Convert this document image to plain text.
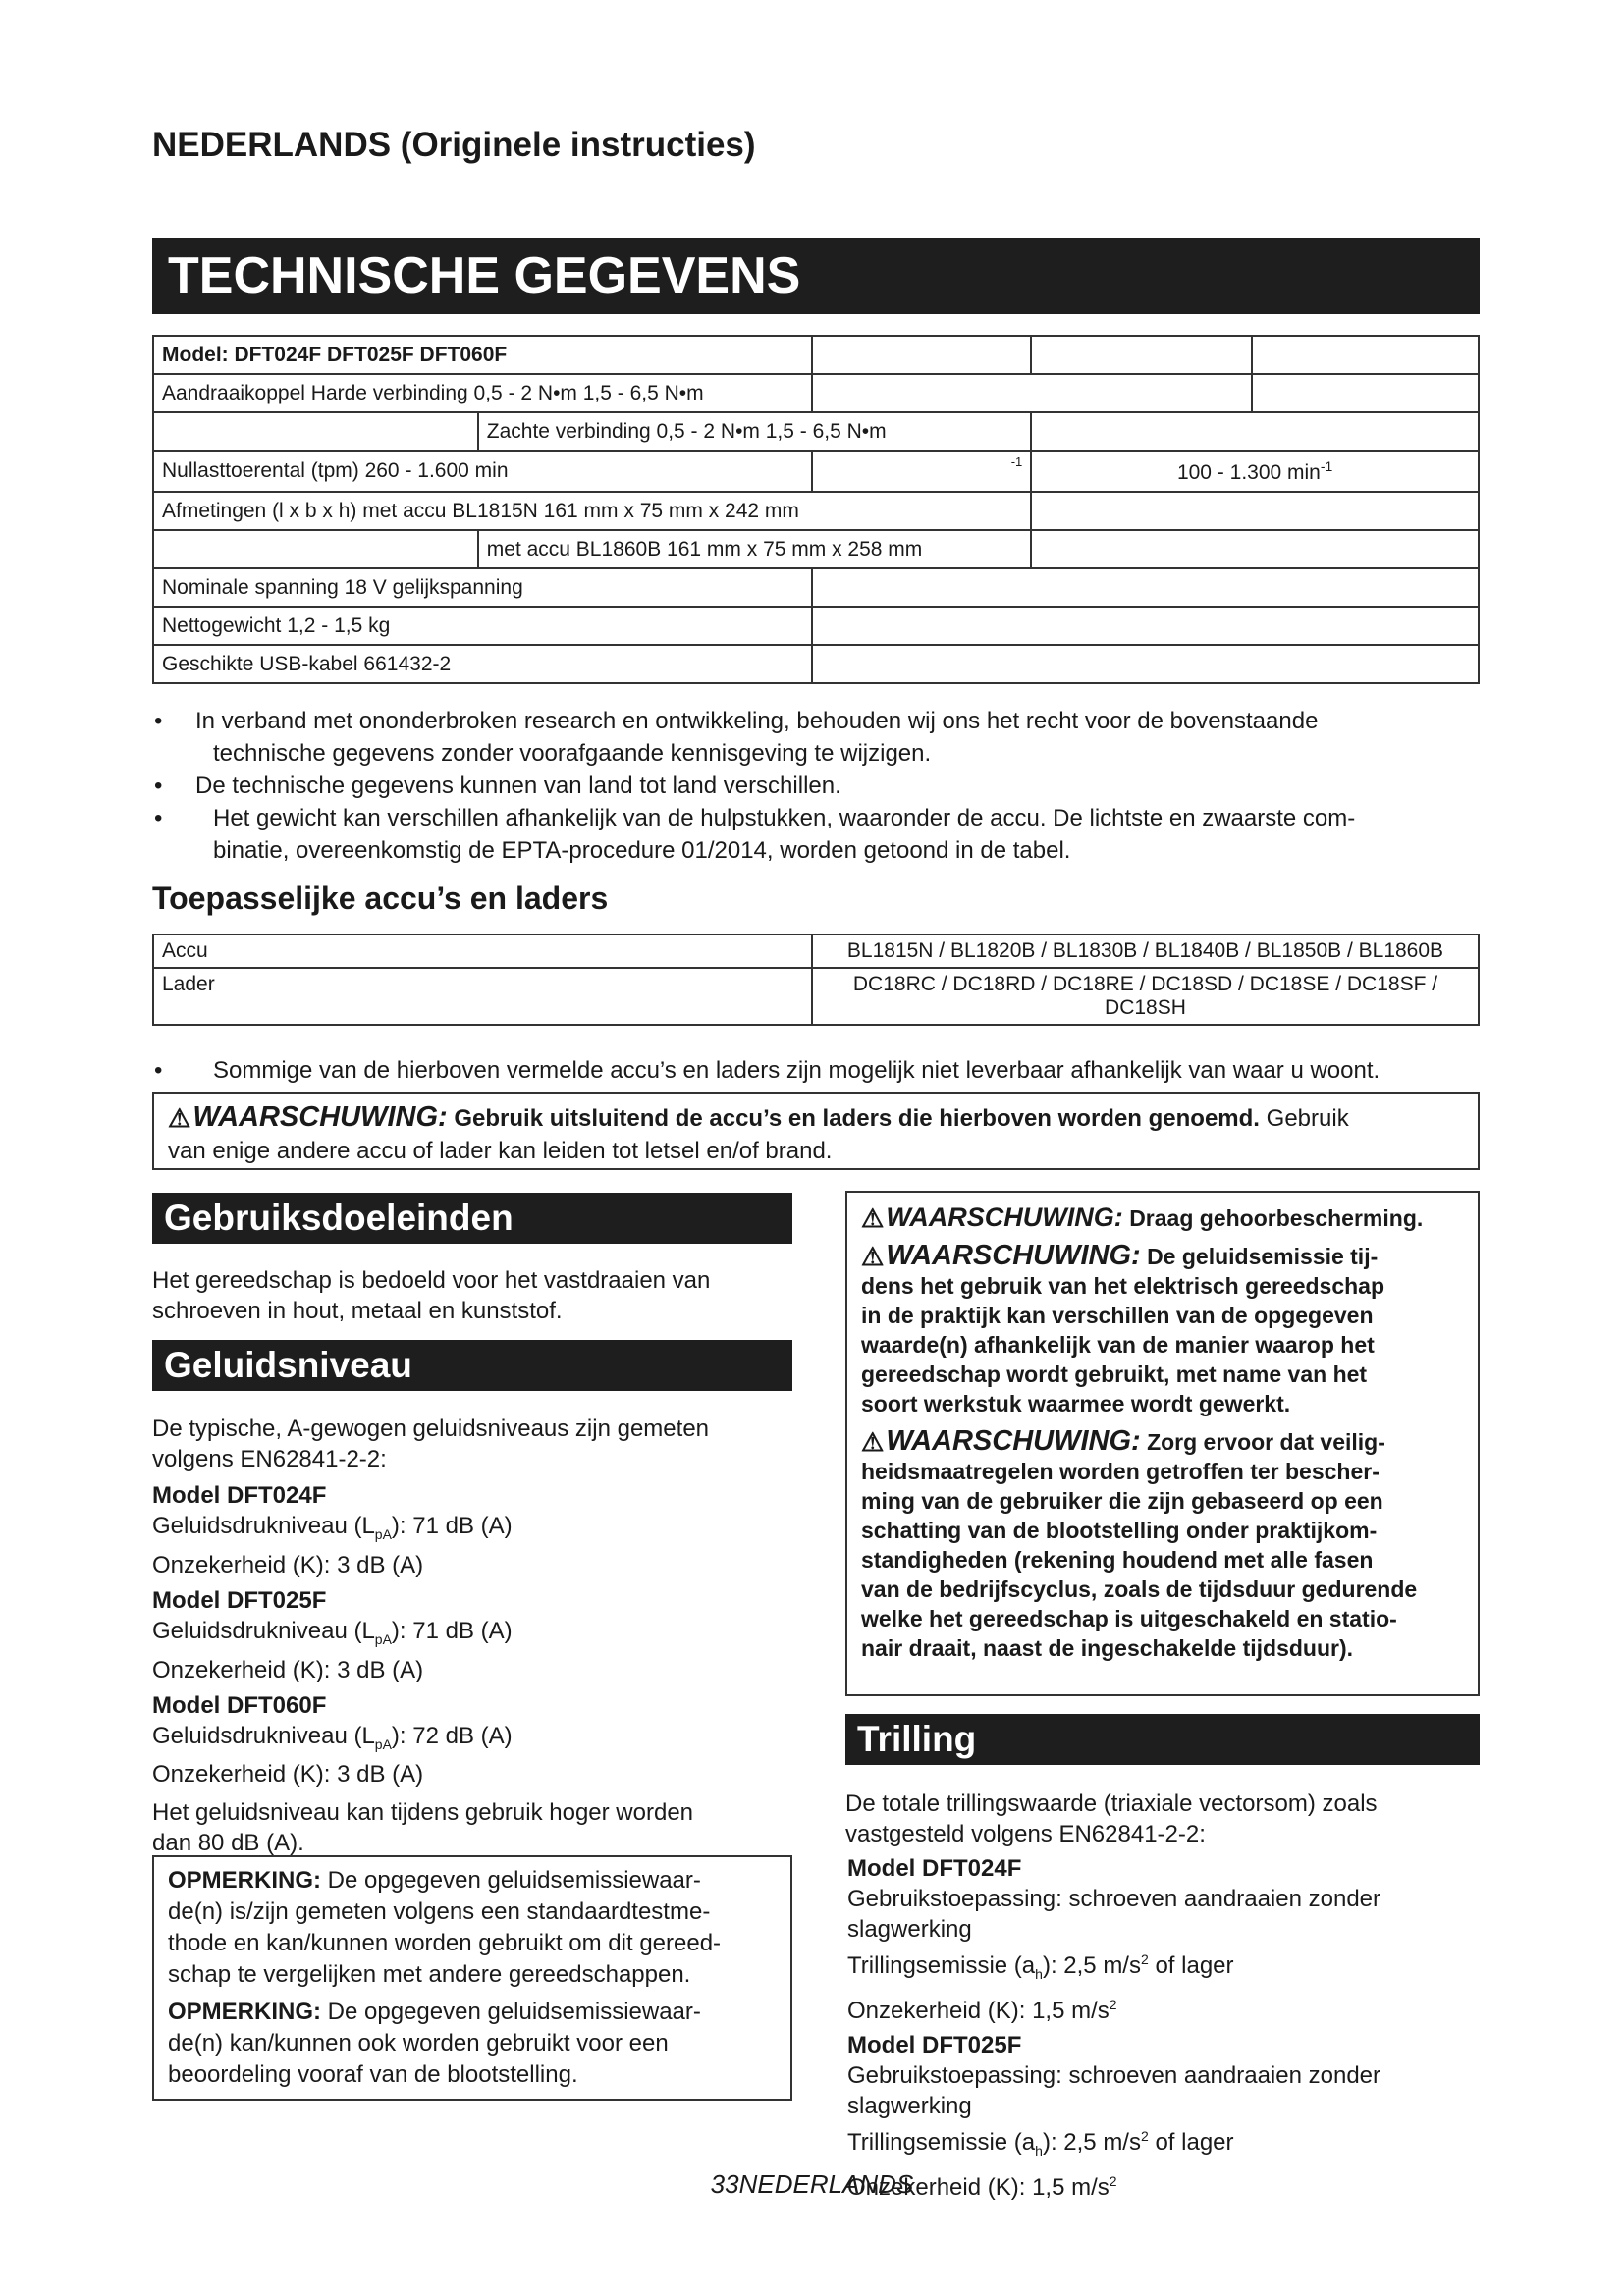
NEDERLANDS (Originele instructies)
TECHNISCHE GEGEVENS
Model: DFT024F DFT025F DFT060F				
Aandraaikoppel Harde verbinding 0,5 - 2 N•m 1,5 - 6,5 N•m				
	Zachte verbinding 0,5 - 2 N•m 1,5 - 6,5 N•m			
Nullasttoerental (tpm) 260 - 1.600 min		-1	100 - 1.300 $\min^{-1}$
Afmetingen (l x b x h) met accu BL1815N 161 mm x 75 mm x 242 mm				
	met accu BL1860B 161 mm x 75 mm x 258 mm			
Nominale spanning 18 V gelijkspanning				
Nettogewicht 1,2 - 1,5 kg				
Geschikte USB-kabel 661432-2				
• In verband met ononderbroken research en ontwikkeling, behouden wij ons het recht voor de bovenstaande
technische gegevens zonder voorafgaande kennisgeving te wijzigen.
• De technische gegevens kunnen van land tot land verschillen.
• Het gewicht kan verschillen afhankelijk van de hulpstukken, waaronder de accu. De lichtste en zwaarste com-
binatie, overeenkomstig de EPTA-procedure 01/2014, worden getoond in de tabel.
Toepasselijke accu’s en laders
Accu	BL1815N / BL1820B / BL1830B / BL1840B / BL1850B / BL1860B
Lader	DC18RC / DC18RD / DC18RE / DC18SD / DC18SE / DC18SF /
DC18SH
• Sommige van de hierboven vermelde accu’s en laders zijn mogelijk niet leverbaar afhankelijk van waar u woont.
⚠WAARSCHUWING: Gebruik uitsluitend de accu’s en laders die hierboven worden genoemd. Gebruik
van enige andere accu of lader kan leiden tot letsel en/of brand.
Gebruiksdoeleinden
Het gereedschap is bedoeld voor het vastdraaien van
schroeven in hout, metaal en kunststof.
Geluidsniveau
De typische, A-gewogen geluidsniveaus zijn gemeten
volgens EN62841-2-2:
Model DFT024F
Geluidsdrukniveau $(L_{pA})$: 71 dB (A)
Onzekerheid (K): 3 dB (A)
Model DFT025F
Geluidsdrukniveau $(L_{pA})$: 71 dB (A)
Onzekerheid (K): 3 dB (A)
Model DFT060F
Geluidsdrukniveau $(L_{pA})$: 72 dB (A)
Onzekerheid (K): 3 dB (A)
Het geluidsniveau kan tijdens gebruik hoger worden
dan 80 dB (A).
OPMERKING: De opgegeven geluidsemissiewaar-
de(n) is/zijn gemeten volgens een standaardtestme-
thode en kan/kunnen worden gebruikt om dit gereed-
schap te vergelijken met andere gereedschappen.
OPMERKING: De opgegeven geluidsemissiewaar-
de(n) kan/kunnen ook worden gebruikt voor een
beoordeling vooraf van de blootstelling.
⚠WAARSCHUWING: Draag gehoorbescherming.
⚠WAARSCHUWING: De geluidsemissie tij-
dens het gebruik van het elektrisch gereedschap
in de praktijk kan verschillen van de opgegeven
waarde(n) afhankelijk van de manier waarop het
gereedschap wordt gebruikt, met name van het
soort werkstuk waarmee wordt gewerkt.
⚠WAARSCHUWING: Zorg ervoor dat veilig-
heidsmaatregelen worden getroffen ter bescher-
ming van de gebruiker die zijn gebaseerd op een
schatting van de blootstelling onder praktijkom-
standigheden (rekening houdend met alle fasen
van de bedrijfscyclus, zoals de tijdsduur gedurende
welke het gereedschap is uitgeschakeld en statio-
nair draait, naast de ingeschakelde tijdsduur).
Trilling
De totale trillingswaarde (triaxiale vectorsom) zoals
vastgesteld volgens EN62841-2-2:
Model DFT024F
Gebruikstoepassing: schroeven aandraaien zonder
slagwerking
Trillingsemissie $(a_h)$: 2,5 $m/s^2$ of lager
Onzekerheid (K): 1,5 $m/s^2$
Model DFT025F
Gebruikstoepassing: schroeven aandraaien zonder
slagwerking
Trillingsemissie $(a_h)$: 2,5 $m/s^2$ of lager
Onzekerheid (K): 1,5 $m/s^2$
33NEDERLANDS
